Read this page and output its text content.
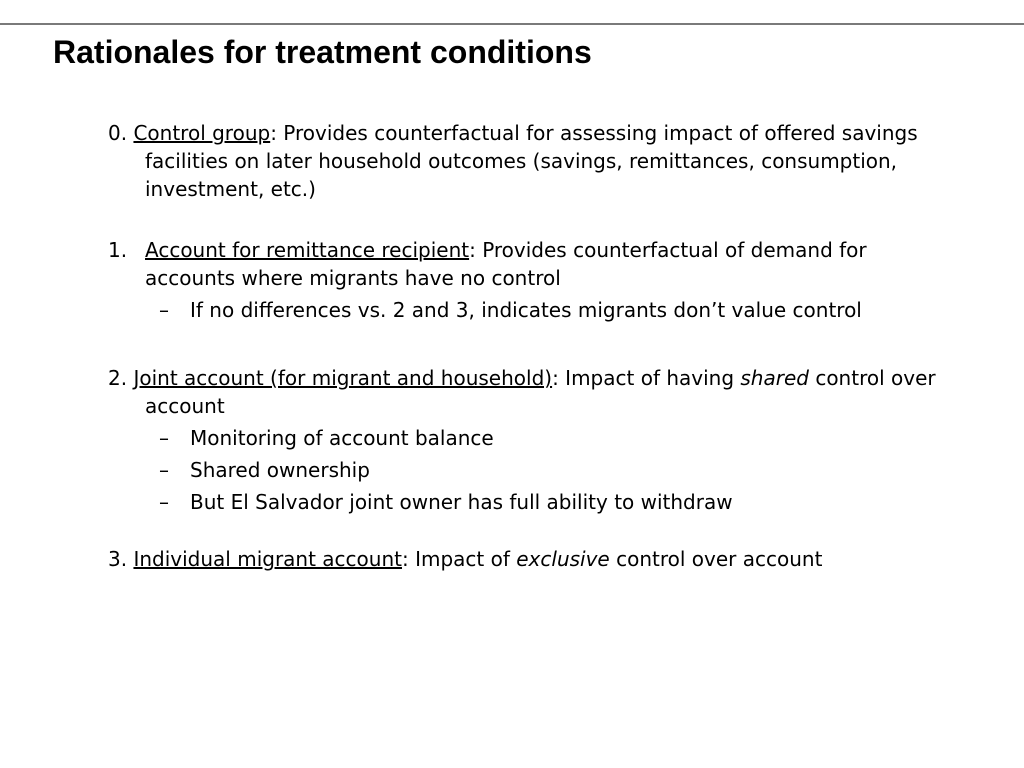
Rationales for treatment conditions

0. Control group: Provides counterfactual for assessing impact of offered savings facilities on later household outcomes (savings, remittances, consumption, investment, etc.)

1. Account for remittance recipient: Provides counterfactual of demand for accounts where migrants have no control

– If no differences vs. 2 and 3, indicates migrants don’t value control

2. Joint account (for migrant and household): Impact of having shared control over account

– Monitoring of account balance
– Shared ownership
– But El Salvador joint owner has full ability to withdraw

3. Individual migrant account: Impact of exclusive control over account
